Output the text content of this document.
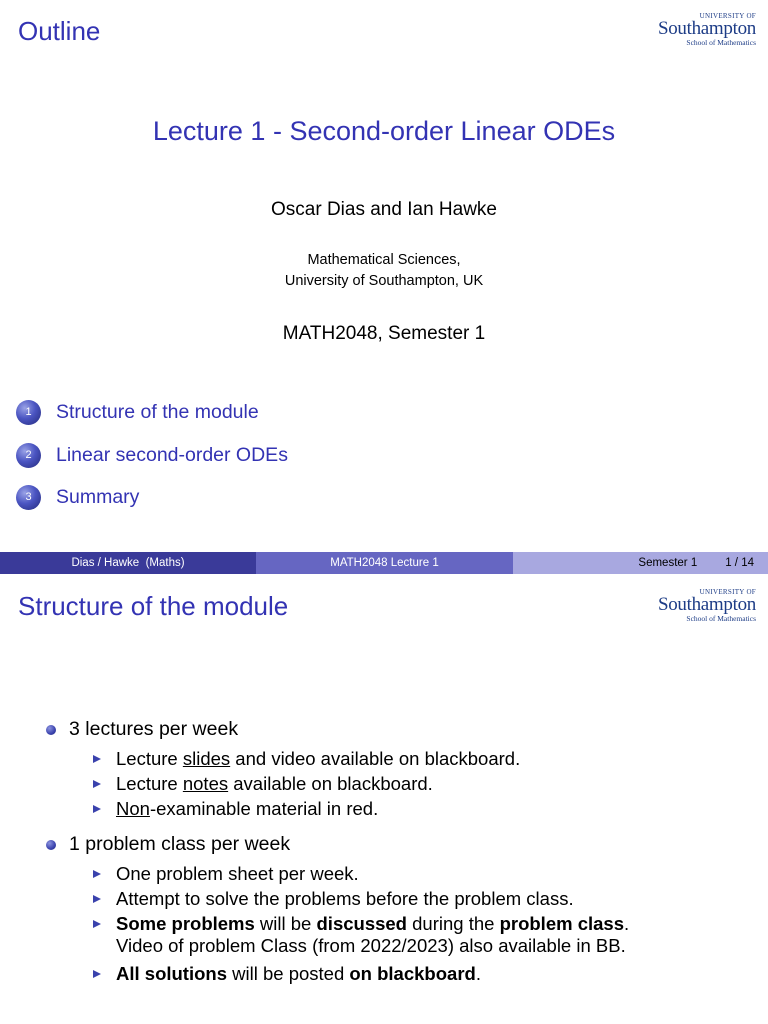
Outline	UNIVERSITY OF
Southampton
School of Mathematics
Lecture 1 - Second-order Linear ODEs
Oscar Dias and Ian Hawke
Mathematical Sciences,
University of Southampton, UK
MATH2048, Semester 1
1	Structure of the module
2	Linear second-order ODEs
3	Summary
Dias / Hawke  (Maths)	MATH2048 Lecture 1	Semester 1 1 / 14
Structure of the module	UNIVERSITY OF
Southampton
School of Mathematics
3 lectures per week
Lecture slides and video available on blackboard.
Lecture notes available on blackboard.
Non-examinable material in red.
1 problem class per week
One problem sheet per week.
Attempt to solve the problems before the problem class.
Some problems will be discussed during the problem class.
Video of problem Class (from 2022/2023) also available in BB.
All solutions will be posted on blackboard.
